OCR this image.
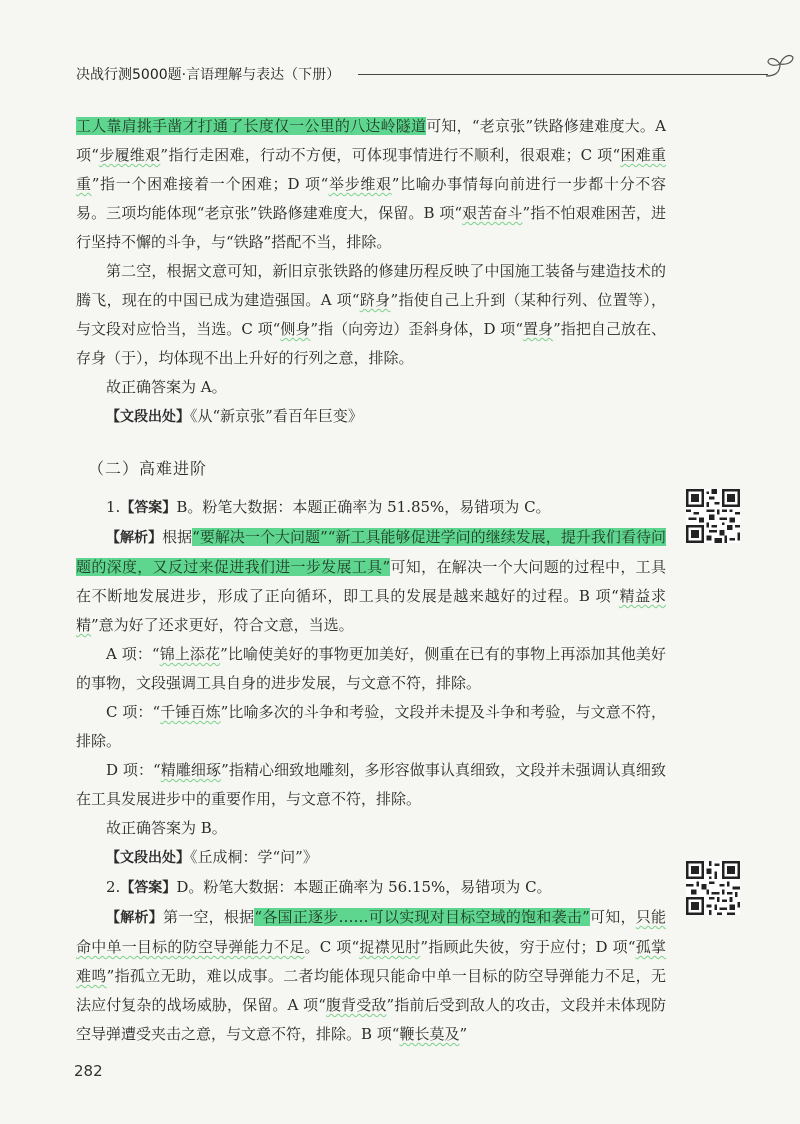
决战行测5000题·言语理解与表达（下册）

工人靠肩挑手凿才打通了长度仅一公里的八达岭隧道可知，“老京张”铁路修建难度大。A 项“步履维艰”指行走困难，行动不方便，可体现事情进行不顺利，很艰难；C 项“困难重重”指一个困难接着一个困难；D 项“举步维艰”比喻办事情每向前进行一步都十分不容易。三项均能体现“老京张”铁路修建难度大，保留。B 项“艰苦奋斗”指不怕艰难困苦，进行坚持不懈的斗争，与“铁路”搭配不当，排除。

第二空，根据文意可知，新旧京张铁路的修建历程反映了中国施工装备与建造技术的腾飞，现在的中国已成为建造强国。A 项“跻身”指使自己上升到（某种行列、位置等），与文段对应恰当，当选。C 项“侧身”指（向旁边）歪斜身体，D 项“置身”指把自己放在、存身（于），均体现不出上升好的行列之意，排除。

故正确答案为 A。

【文段出处】《从“新京张”看百年巨变》

（二）高难进阶

1.【答案】B。粉笔大数据：本题正确率为 51.85%，易错项为 C。

【解析】根据“要解决一个大问题”“新工具能够促进学问的继续发展，提升我们看待问题的深度，又反过来促进我们进一步发展工具”可知，在解决一个大问题的过程中，工具在不断地发展进步，形成了正向循环，即工具的发展是越来越好的过程。B 项“精益求精”意为好了还求更好，符合文意，当选。

A 项：“锦上添花”比喻使美好的事物更加美好，侧重在已有的事物上再添加其他美好的事物，文段强调工具自身的进步发展，与文意不符，排除。

C 项：“千锤百炼”比喻多次的斗争和考验，文段并未提及斗争和考验，与文意不符，排除。

D 项：“精雕细琢”指精心细致地雕刻，多形容做事认真细致，文段并未强调认真细致在工具发展进步中的重要作用，与文意不符，排除。

故正确答案为 B。

【文段出处】《丘成桐：学“问”》

2.【答案】D。粉笔大数据：本题正确率为 56.15%，易错项为 C。

【解析】第一空，根据“各国正逐步……可以实现对目标空域的饱和袭击”可知，只能命中单一目标的防空导弹能力不足。C 项“捉襟见肘”指顾此失彼，穷于应付；D 项“孤掌难鸣”指孤立无助，难以成事。二者均能体现只能命中单一目标的防空导弹能力不足，无法应付复杂的战场威胁，保留。A 项“腹背受敌”指前后受到敌人的攻击，文段并未体现防空导弹遭受夹击之意，与文意不符，排除。B 项“鞭长莫及”

282
